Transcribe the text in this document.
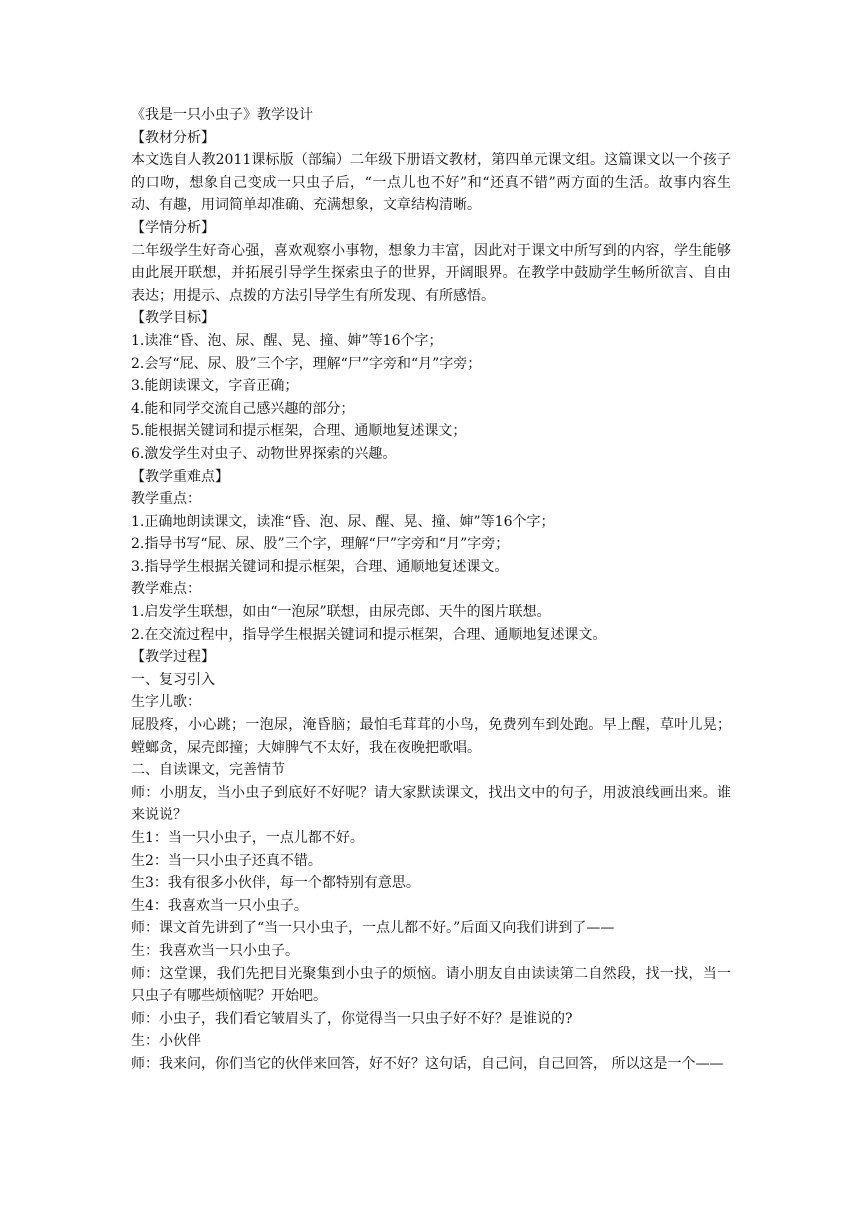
《我是一只小虫子》教学设计
【教材分析】
本文选自人教2011课标版（部编）二年级下册语文教材，第四单元课文组。这篇课文以一个孩子的口吻，想象自己变成一只虫子后，“一点儿也不好”和“还真不错”两方面的生活。故事内容生动、有趣，用词简单却准确、充满想象，文章结构清晰。
【学情分析】
二年级学生好奇心强，喜欢观察小事物，想象力丰富，因此对于课文中所写到的内容，学生能够由此展开联想，并拓展引导学生探索虫子的世界，开阔眼界。在教学中鼓励学生畅所欲言、自由表达；用提示、点拨的方法引导学生有所发现、有所感悟。
【教学目标】
1.读准“昏、泡、尿、醒、晃、撞、婶”等16个字；
2.会写“屁、尿、股”三个字，理解“尸”字旁和“月”字旁；
3.能朗读课文，字音正确；
4.能和同学交流自己感兴趣的部分；
5.能根据关键词和提示框架，合理、通顺地复述课文；
6.激发学生对虫子、动物世界探索的兴趣。
【教学重难点】
教学重点：
1.正确地朗读课文，读准“昏、泡、尿、醒、晃、撞、婶”等16个字；
2.指导书写“屁、尿、股”三个字，理解“尸”字旁和“月”字旁；
3.指导学生根据关键词和提示框架，合理、通顺地复述课文。
教学难点：
1.启发学生联想，如由“一泡尿”联想，由尿壳郎、天牛的图片联想。
2.在交流过程中，指导学生根据关键词和提示框架，合理、通顺地复述课文。
【教学过程】
一、复习引入
生字儿歌：
屁股疼，小心跳；一泡尿，淹昏脑；最怕毛茸茸的小鸟，免费列车到处跑。早上醒，草叶儿晃；螳螂贪，屎壳郎撞；大婶脾气不太好，我在夜晚把歌唱。
二、自读课文，完善情节
师：小朋友，当小虫子到底好不好呢？请大家默读课文，找出文中的句子，用波浪线画出来。谁来说说？
生1：当一只小虫子，一点儿都不好。
生2：当一只小虫子还真不错。
生3：我有很多小伙伴，每一个都特别有意思。
生4：我喜欢当一只小虫子。
师：课文首先讲到了“当一只小虫子，一点儿都不好。”后面又向我们讲到了——
生：我喜欢当一只小虫子。
师：这堂课，我们先把目光聚集到小虫子的烦恼。请小朋友自由读读第二自然段，找一找，当一只虫子有哪些烦恼呢？开始吧。
师：小虫子，我们看它皱眉头了，你觉得当一只虫子好不好？是谁说的?
生：小伙伴
师：我来问，你们当它的伙伴来回答，好不好？这句话，自己问，自己回答， 所以这是一个——
